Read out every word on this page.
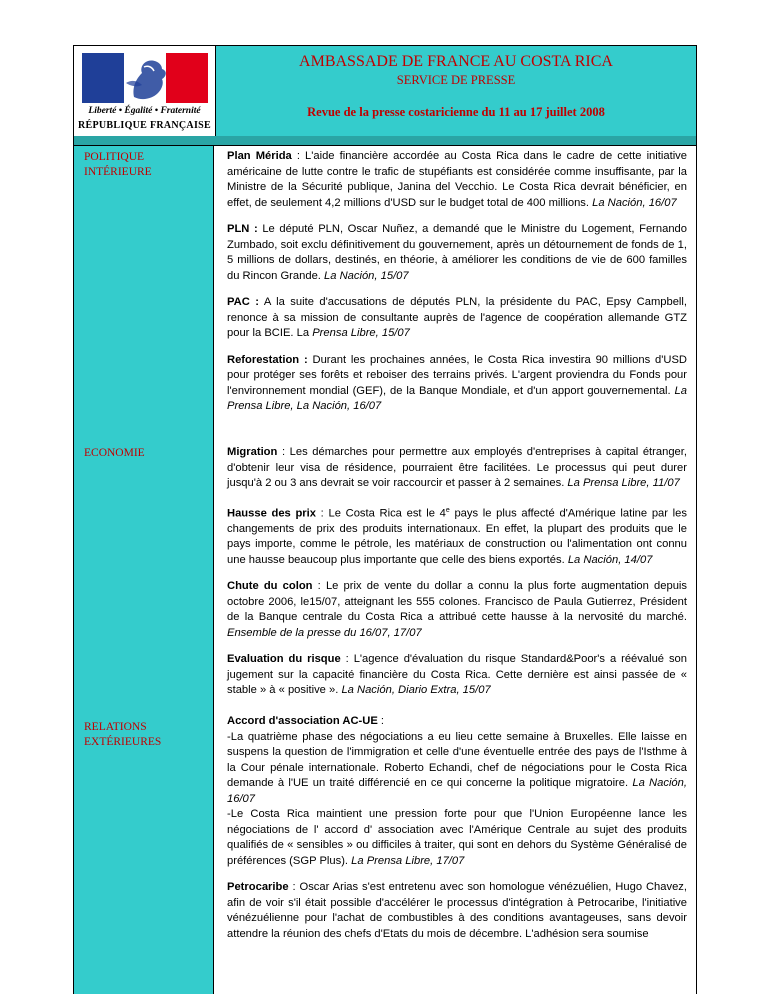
Liberté • Égalité • Fraternité
RÉPUBLIQUE FRANÇAISE
AMBASSADE DE FRANCE AU COSTA RICA
SERVICE DE PRESSE
Revue de la presse costaricienne du 11 au 17 juillet 2008
POLITIQUE INTÉRIEURE
ECONOMIE
RELATIONS
EXTÉRIEURES

Plan Mérida : L'aide financière accordée au Costa Rica dans le cadre de cette initiative américaine de lutte contre le trafic de stupéfiants est considérée comme insuffisante, par la Ministre de la Sécurité publique, Janina del Vecchio. Le Costa Rica devrait bénéficier, en effet, de seulement 4,2 millions d'USD sur le budget total de 400 millions. La Nación, 16/07

PLN : Le député PLN, Oscar Nuñez, a demandé que le Ministre du Logement, Fernando Zumbado, soit exclu définitivement du gouvernement, après un détournement de fonds de 1, 5 millions de dollars, destinés, en théorie, à améliorer les conditions de vie de 600 familles du Rincon Grande. La Nación, 15/07

PAC : A la suite d'accusations de députés PLN, la présidente du PAC, Epsy Campbell, renonce à sa mission de consultante auprès de l'agence de coopération allemande GTZ pour la BCIE. La Prensa Libre, 15/07

Reforestation : Durant les prochaines années, le Costa Rica investira 90 millions d'USD pour protéger ses forêts et reboiser des terrains privés. L'argent proviendra du Fonds pour l'environnement mondial (GEF), de la Banque Mondiale, et d'un apport gouvernemental. La Prensa Libre, La Nación, 16/07

Migration : Les démarches pour permettre aux employés d'entreprises à capital étranger, d'obtenir leur visa de résidence, pourraient être facilitées. Le processus qui peut durer jusqu'à 2 ou 3 ans devrait se voir raccourcir et passer à 2 semaines. La Prensa Libre, 11/07

Hausse des prix : Le Costa Rica est le 4e pays le plus affecté d'Amérique latine par les changements de prix des produits internationaux. En effet, la plupart des produits que le pays importe, comme le pétrole, les matériaux de construction ou l'alimentation ont connu une hausse beaucoup plus importante que celle des biens exportés. La Nación, 14/07

Chute du colon : Le prix de vente du dollar a connu la plus forte augmentation depuis octobre 2006, le15/07, atteignant les 555 colones. Francisco de Paula Gutierrez, Président de la Banque centrale du Costa Rica a attribué cette hausse à la nervosité du marché. Ensemble de la presse du 16/07, 17/07

Evaluation du risque : L'agence d'évaluation du risque Standard&Poor's a réévalué son jugement sur la capacité financière du Costa Rica. Cette dernière est ainsi passée de « stable » à « positive ». La Nación, Diario Extra, 15/07

Accord d'association AC-UE :
-La quatrième phase des négociations a eu lieu cette semaine à Bruxelles. Elle laisse en suspens la question de l'immigration et celle d'une éventuelle entrée des pays de l'Isthme à la Cour pénale internationale. Roberto Echandi, chef de négociations pour le Costa Rica demande à l'UE un traité différencié en ce qui concerne la politique migratoire. La Nación, 16/07
-Le Costa Rica maintient une pression forte pour que l'Union Européenne lance les négociations de l' accord d' association avec l'Amérique Centrale au sujet des produits qualifiés de « sensibles » ou difficiles à traiter, qui sont en dehors du Système Généralisé de préférences (SGP Plus). La Prensa Libre, 17/07

Petrocaribe : Oscar Arias s'est entretenu avec son homologue vénézuélien, Hugo Chavez, afin de voir s'il était possible d'accélérer le processus d'intégration à Petrocaribe, l'initiative vénézuélienne pour l'achat de combustibles à des conditions avantageuses, sans devoir attendre la réunion des chefs d'Etats du mois de décembre. L'adhésion sera soumise
